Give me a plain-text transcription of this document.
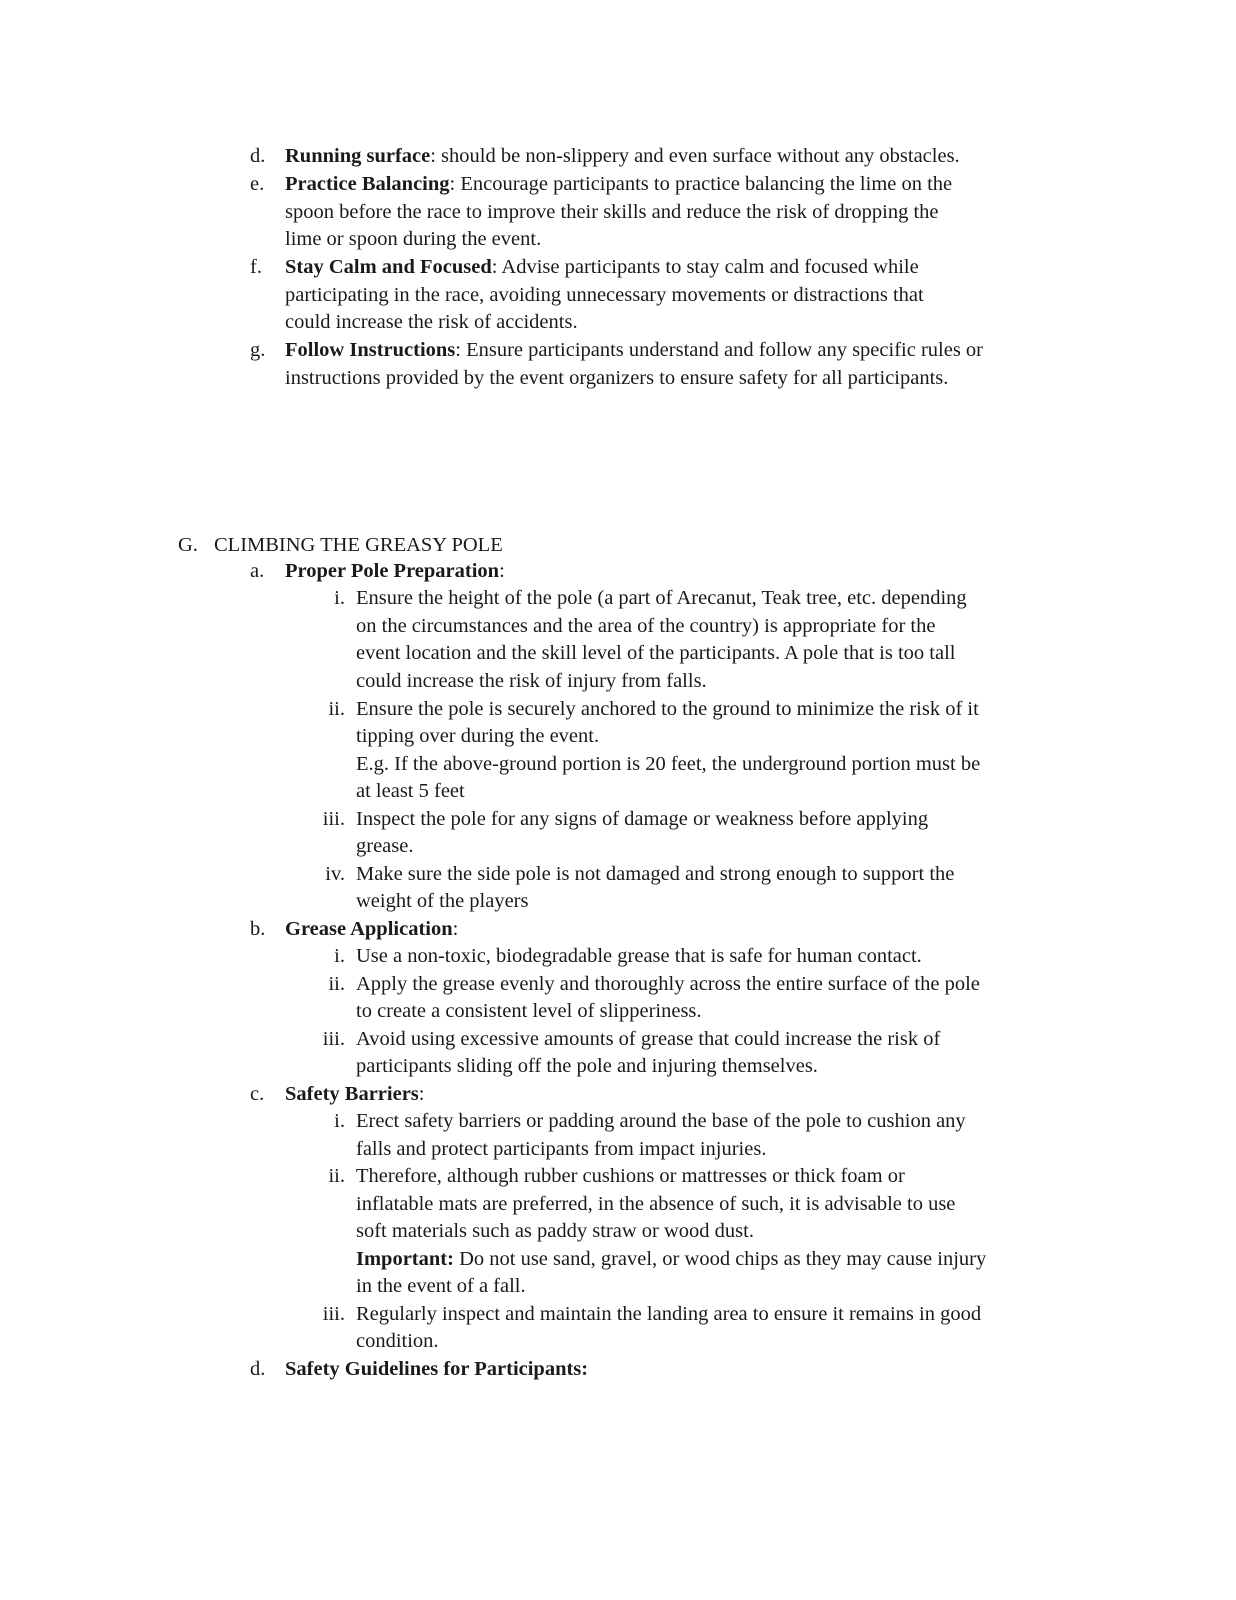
d. Running surface: should be non-slippery and even surface without any obstacles.
e. Practice Balancing: Encourage participants to practice balancing the lime on the
spoon before the race to improve their skills and reduce the risk of dropping the
lime or spoon during the event.
f. Stay Calm and Focused: Advise participants to stay calm and focused while
participating in the race, avoiding unnecessary movements or distractions that
could increase the risk of accidents.
g. Follow Instructions: Ensure participants understand and follow any specific rules or
instructions provided by the event organizers to ensure safety for all participants.
G. CLIMBING THE GREASY POLE
a. Proper Pole Preparation:
i. Ensure the height of the pole (a part of Arecanut, Teak tree, etc. depending
on the circumstances and the area of the country) is appropriate for the
event location and the skill level of the participants. A pole that is too tall
could increase the risk of injury from falls.
ii. Ensure the pole is securely anchored to the ground to minimize the risk of it
tipping over during the event.
E.g. If the above-ground portion is 20 feet, the underground portion must be
at least 5 feet
iii. Inspect the pole for any signs of damage or weakness before applying
grease.
iv. Make sure the side pole is not damaged and strong enough to support the
weight of the players
b. Grease Application:
i. Use a non-toxic, biodegradable grease that is safe for human contact.
ii. Apply the grease evenly and thoroughly across the entire surface of the pole
to create a consistent level of slipperiness.
iii. Avoid using excessive amounts of grease that could increase the risk of
participants sliding off the pole and injuring themselves.
c. Safety Barriers:
i. Erect safety barriers or padding around the base of the pole to cushion any
falls and protect participants from impact injuries.
ii. Therefore, although rubber cushions or mattresses or thick foam or
inflatable mats are preferred, in the absence of such, it is advisable to use
soft materials such as paddy straw or wood dust.
Important: Do not use sand, gravel, or wood chips as they may cause injury
in the event of a fall.
iii. Regularly inspect and maintain the landing area to ensure it remains in good
condition.
d. Safety Guidelines for Participants:
